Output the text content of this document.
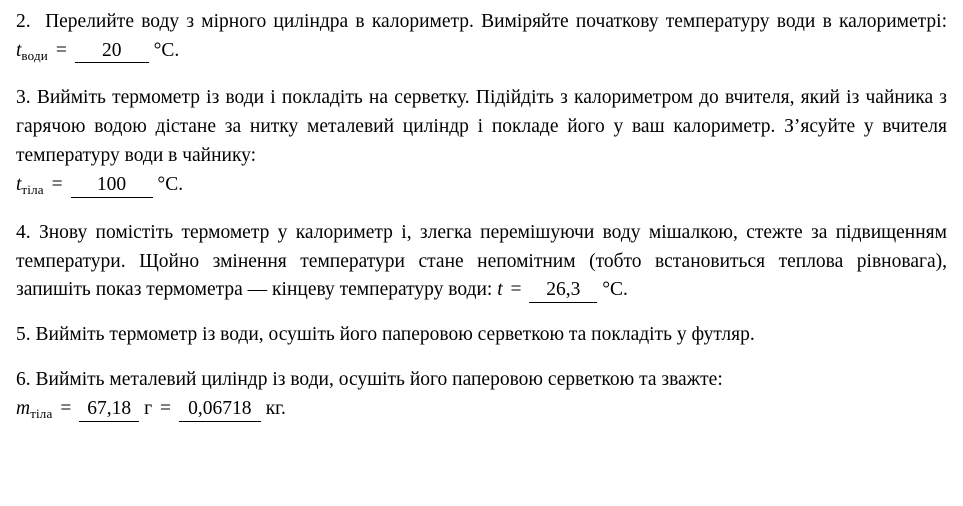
2. Перелийте воду з мірного циліндра в калориметр. Виміряйте початкову температуру води в калориметрі: $t_{води} = 20$ °C.

3. Вийміть термометр із води і покладіть на серветку. Підійдіть з калориметром до вчителя, який із чайника з гарячою водою дістане за нитку металевий циліндр і покладе його у ваш калориметр. З’ясуйте у вчителя температуру води в чайнику:

$t_{тіла} = 100$ °C.

4. Знову помістіть термометр у калориметр і, злегка перемішуючи воду мішалкою, стежте за підвищенням температури. Щойно змінення температури стане непомітним (тобто встановиться теплова рівновага), запишіть показ термометра — кінцеву температуру води: t = 26,3 °C.

5. Вийміть термометр із води, осушіть його паперовою серветкою та покладіть у футляр.

6. Вийміть металевий циліндр із води, осушіть його паперовою серветкою та зважте:

$m_{тіла} = 67,18$ г = 0,06718 кг.
